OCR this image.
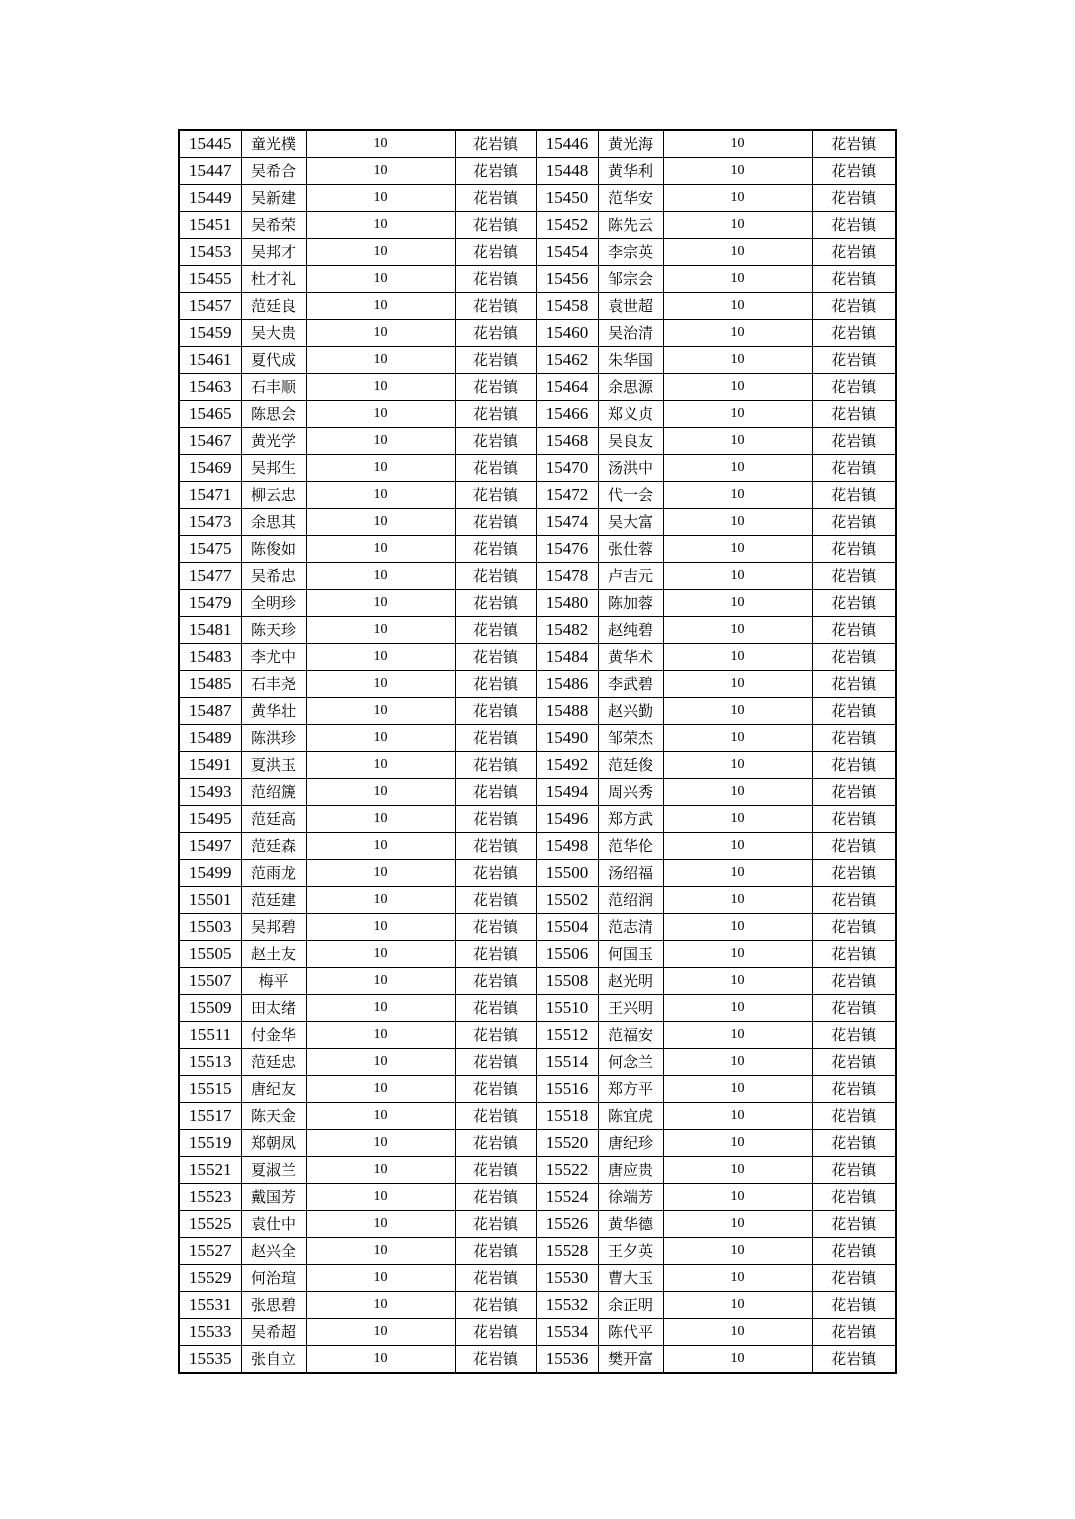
15445	童光樸	10	花岩镇	15446	黄光海	10	花岩镇
15447	吴希合	10	花岩镇	15448	黄华利	10	花岩镇
15449	吴新建	10	花岩镇	15450	范华安	10	花岩镇
15451	吴希荣	10	花岩镇	15452	陈先云	10	花岩镇
15453	吴邦才	10	花岩镇	15454	李宗英	10	花岩镇
15455	杜才礼	10	花岩镇	15456	邹宗会	10	花岩镇
15457	范廷良	10	花岩镇	15458	袁世超	10	花岩镇
15459	吴大贵	10	花岩镇	15460	吴治清	10	花岩镇
15461	夏代成	10	花岩镇	15462	朱华国	10	花岩镇
15463	石丰顺	10	花岩镇	15464	余思源	10	花岩镇
15465	陈思会	10	花岩镇	15466	郑义贞	10	花岩镇
15467	黄光学	10	花岩镇	15468	吴良友	10	花岩镇
15469	吴邦生	10	花岩镇	15470	汤洪中	10	花岩镇
15471	柳云忠	10	花岩镇	15472	代一会	10	花岩镇
15473	余思其	10	花岩镇	15474	吴大富	10	花岩镇
15475	陈俊如	10	花岩镇	15476	张仕蓉	10	花岩镇
15477	吴希忠	10	花岩镇	15478	卢吉元	10	花岩镇
15479	全明珍	10	花岩镇	15480	陈加蓉	10	花岩镇
15481	陈天珍	10	花岩镇	15482	赵纯碧	10	花岩镇
15483	李尤中	10	花岩镇	15484	黄华术	10	花岩镇
15485	石丰尧	10	花岩镇	15486	李武碧	10	花岩镇
15487	黄华壮	10	花岩镇	15488	赵兴勤	10	花岩镇
15489	陈洪珍	10	花岩镇	15490	邹荣杰	10	花岩镇
15491	夏洪玉	10	花岩镇	15492	范廷俊	10	花岩镇
15493	范绍篪	10	花岩镇	15494	周兴秀	10	花岩镇
15495	范廷高	10	花岩镇	15496	郑方武	10	花岩镇
15497	范廷森	10	花岩镇	15498	范华伦	10	花岩镇
15499	范雨龙	10	花岩镇	15500	汤绍福	10	花岩镇
15501	范廷建	10	花岩镇	15502	范绍润	10	花岩镇
15503	吴邦碧	10	花岩镇	15504	范志清	10	花岩镇
15505	赵土友	10	花岩镇	15506	何国玉	10	花岩镇
15507	梅平	10	花岩镇	15508	赵光明	10	花岩镇
15509	田太绪	10	花岩镇	15510	王兴明	10	花岩镇
15511	付金华	10	花岩镇	15512	范福安	10	花岩镇
15513	范廷忠	10	花岩镇	15514	何念兰	10	花岩镇
15515	唐纪友	10	花岩镇	15516	郑方平	10	花岩镇
15517	陈天金	10	花岩镇	15518	陈宜虎	10	花岩镇
15519	郑朝凤	10	花岩镇	15520	唐纪珍	10	花岩镇
15521	夏淑兰	10	花岩镇	15522	唐应贵	10	花岩镇
15523	戴国芳	10	花岩镇	15524	徐端芳	10	花岩镇
15525	袁仕中	10	花岩镇	15526	黄华德	10	花岩镇
15527	赵兴全	10	花岩镇	15528	王夕英	10	花岩镇
15529	何治瑄	10	花岩镇	15530	曹大玉	10	花岩镇
15531	张思碧	10	花岩镇	15532	余正明	10	花岩镇
15533	吴希超	10	花岩镇	15534	陈代平	10	花岩镇
15535	张自立	10	花岩镇	15536	樊开富	10	花岩镇
